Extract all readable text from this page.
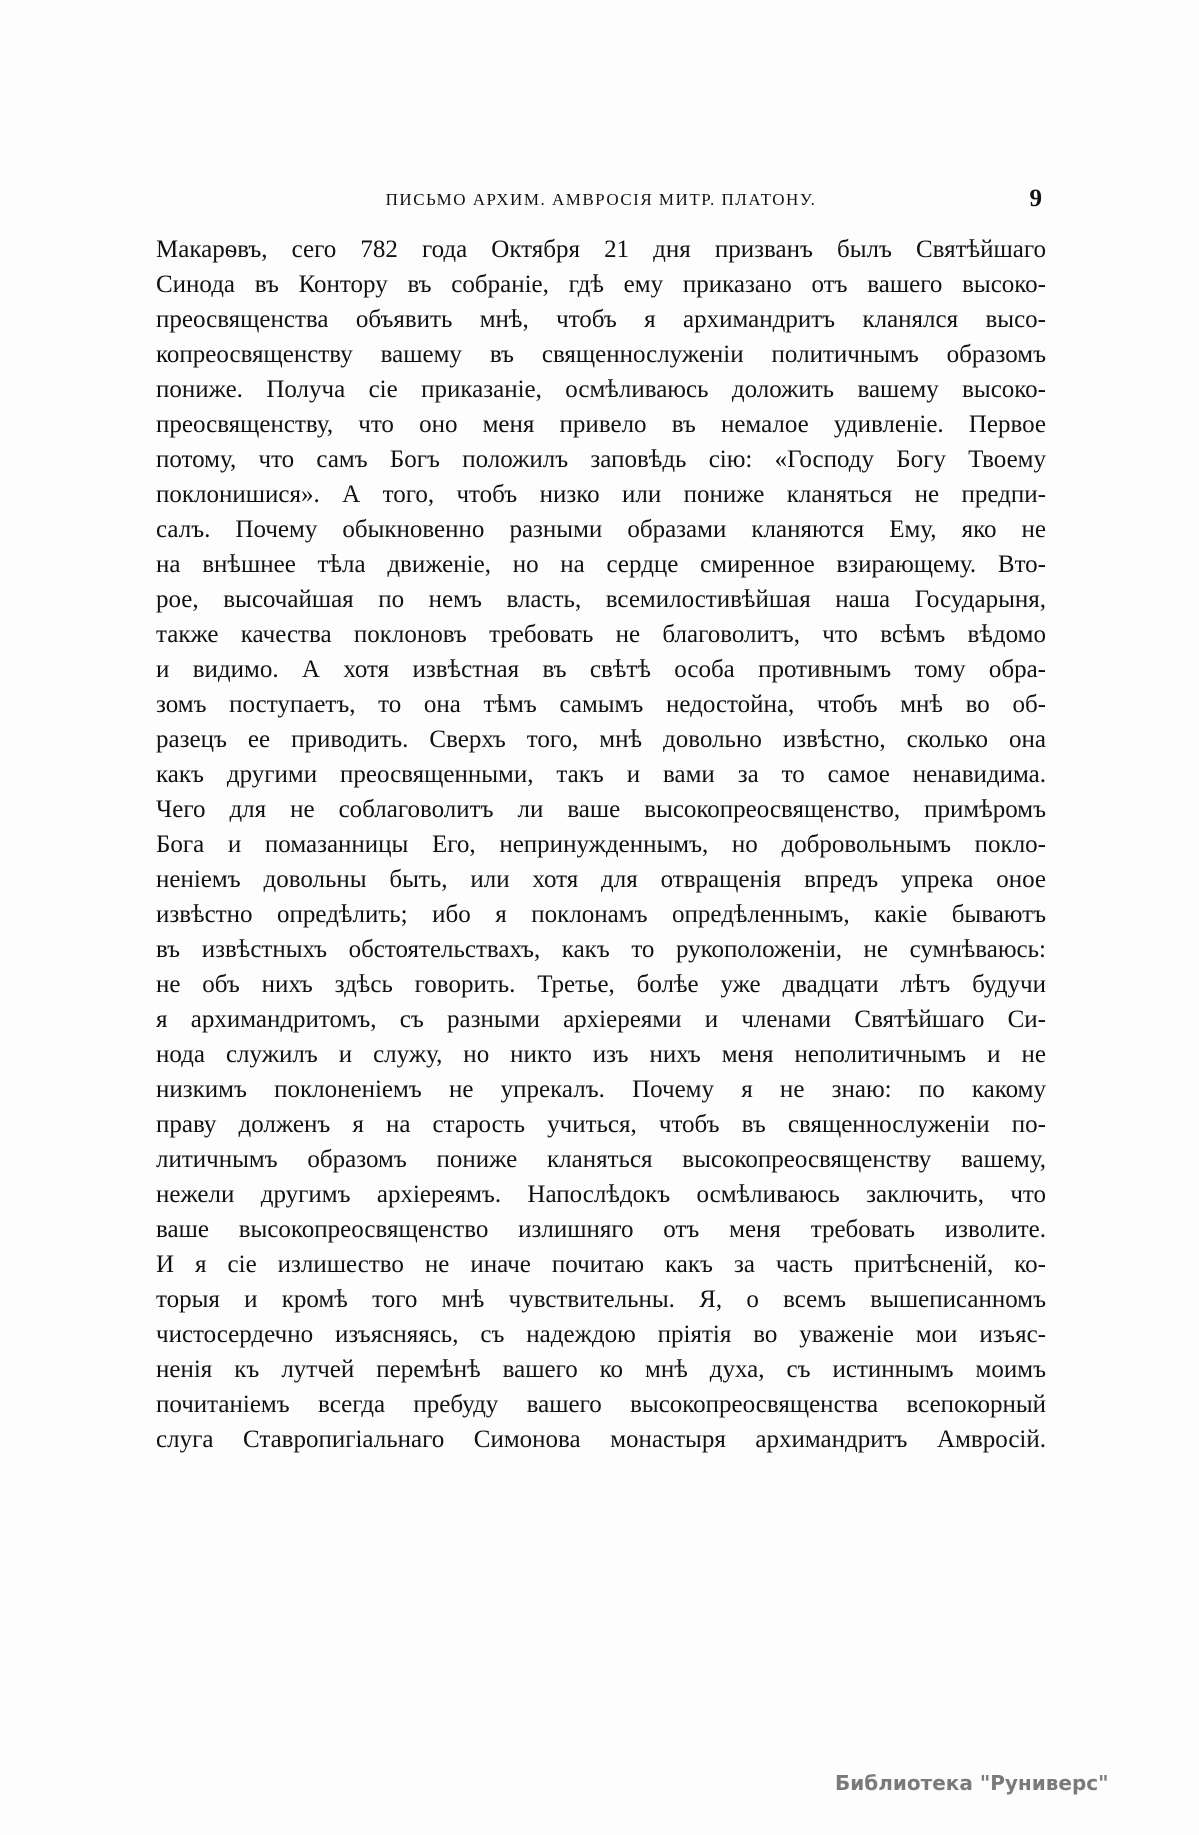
ПИСЬМО АРХИМ. АМВРОСІЯ МИТР. ПЛАТОНУ.	9
Макарѳвъ, сего 782 года Октября 21 дня призванъ былъ Святѣйшаго
Синода въ Контору въ собраніе, гдѣ ему приказано отъ вашего высоко-
преосвященства объявить мнѣ, чтобъ я архимандритъ кланялся высо-
копреосвященству вашему въ священнослуженіи политичнымъ образомъ
пониже. Получа сіе приказаніе, осмѣливаюсь доложить вашему высоко-
преосвященству, что оно меня привело въ немалое удивленіе. Первое
потому, что самъ Богъ положилъ заповѣдь сію: «Господу Богу Твоему
поклонишися». А того, чтобъ низко или пониже кланяться не предпи-
салъ. Почему обыкновенно разными образами кланяются Ему, яко не
на внѣшнее тѣла движеніе, но на сердце смиренное взирающему. Вто-
рое, высочайшая по немъ власть, всемилостивѣйшая наша Государыня,
также качества поклоновъ требовать не благоволитъ, что всѣмъ вѣдомо
и видимо. А хотя извѣстная въ свѣтѣ особа противнымъ тому обра-
зомъ поступаетъ, то она тѣмъ самымъ недостойна, чтобъ мнѣ во об-
разецъ ее приводить. Сверхъ того, мнѣ довольно извѣстно, сколько она
какъ другими преосвященными, такъ и вами за то самое ненавидима.
Чего для не соблаговолитъ ли ваше высокопреосвященство, примѣромъ
Бога и помазанницы Его, непринужденнымъ, но добровольнымъ покло-
неніемъ довольны быть, или хотя для отвращенія впредъ упрека оное
извѣстно опредѣлить; ибо я поклонамъ опредѣленнымъ, какіе бываютъ
въ извѣстныхъ обстоятельствахъ, какъ то рукоположеніи, не сумнѣваюсь:
не объ нихъ здѣсь говорить. Третье, болѣе уже двадцати лѣтъ будучи
я архимандритомъ, съ разными архіереями и членами Святѣйшаго Си-
нода служилъ и служу, но никто изъ нихъ меня неполитичнымъ и не
низкимъ поклоненіемъ не упрекалъ. Почему я не знаю: по какому
праву долженъ я на старость учиться, чтобъ въ священнослуженіи по-
литичнымъ образомъ пониже кланяться высокопреосвященству вашему,
нежели другимъ архіереямъ. Напослѣдокъ осмѣливаюсь заключить, что
ваше высокопреосвященство излишняго отъ меня требовать изволите.
И я сіе излишество не иначе почитаю какъ за часть притѣсненій, ко-
торыя и кромѣ того мнѣ чувствительны. Я, о всемъ вышеписанномъ
чистосердечно изъясняясь, съ надеждою пріятія во уваженіе мои изъяс-
ненія къ лутчей перемѣнѣ вашего ко мнѣ духа, съ истиннымъ моимъ
почитаніемъ всегда пребуду вашего высокопреосвященства всепокорный
слуга Ставропигіальнаго Симонова монастыря архимандритъ Амвросій.
Библиотека "Руниверс"
